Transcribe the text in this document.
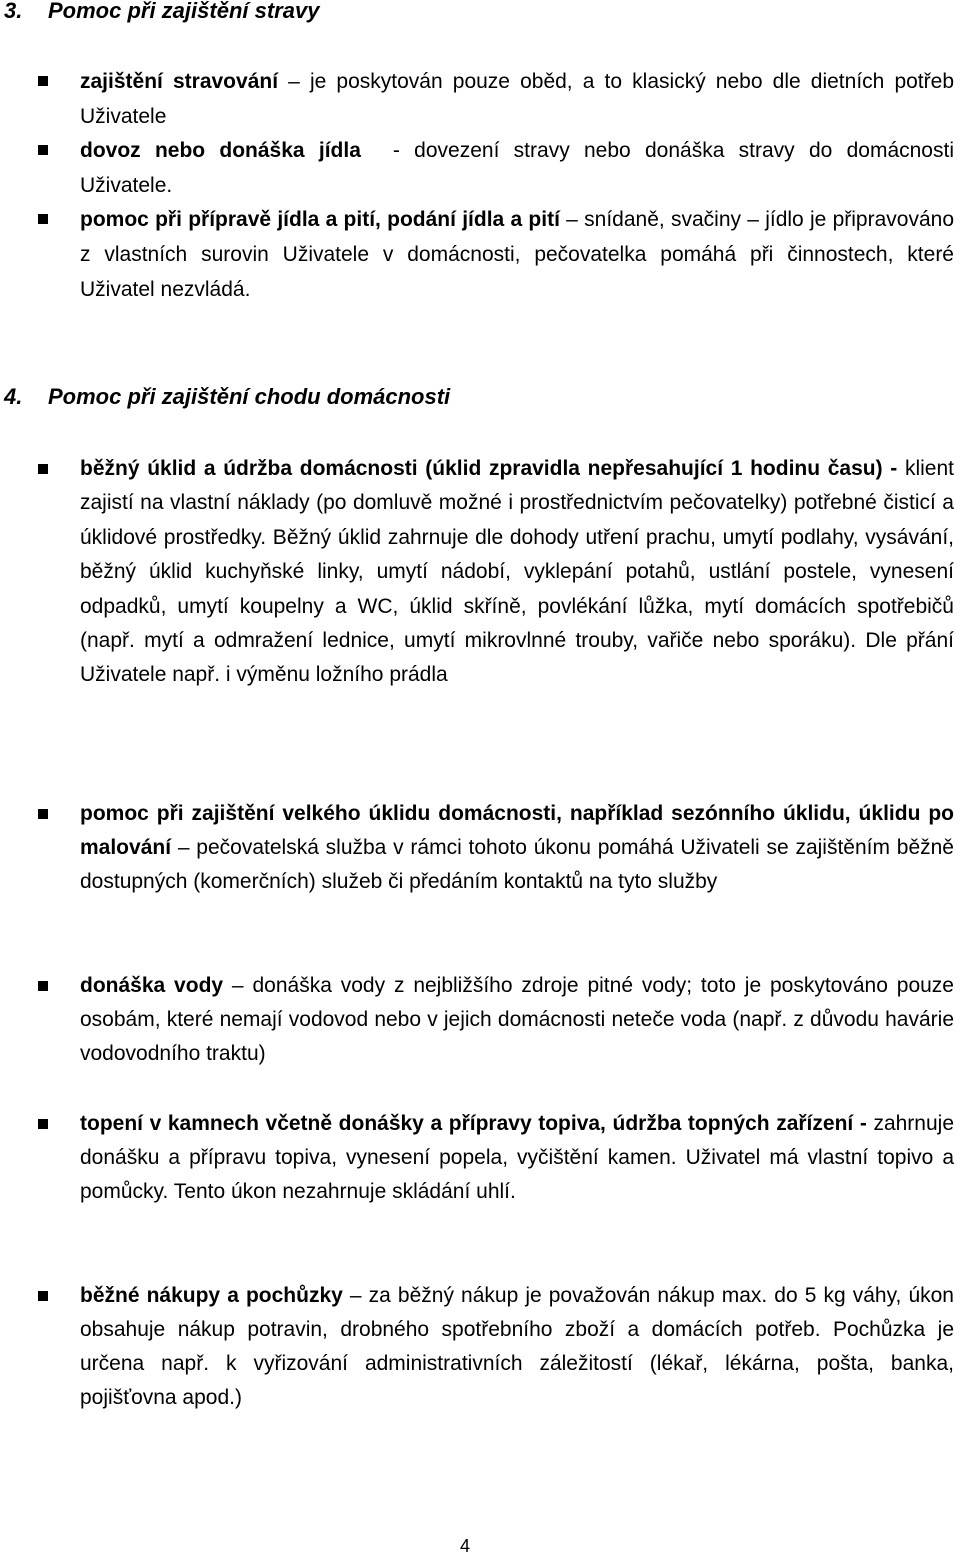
3. Pomoc při zajištění stravy
zajištění stravování – je poskytován pouze oběd, a to klasický nebo dle dietních potřeb Uživatele
dovoz nebo donáška jídla - dovezení stravy nebo donáška stravy do domácnosti Uživatele.
pomoc při přípravě jídla a pití, podání jídla a pití – snídaně, svačiny – jídlo je připravováno z vlastních surovin Uživatele v domácnosti, pečovatelka pomáhá při činnostech, které Uživatel nezvládá.
4. Pomoc při zajištění chodu domácnosti
běžný úklid a údržba domácnosti (úklid zpravidla nepřesahující 1 hodinu času) - klient zajistí na vlastní náklady (po domluvě možné i prostřednictvím pečovatelky) potřebné čisticí a úklidové prostředky. Běžný úklid zahrnuje dle dohody utření prachu, umytí podlahy, vysávání, běžný úklid kuchyňské linky, umytí nádobí, vyklepání potahů, ustlání postele, vynesení odpadků, umytí koupelny a WC, úklid skříně, povlékání lůžka, mytí domácích spotřebičů (např. mytí a odmražení lednice, umytí mikrovlnné trouby, vařiče nebo sporáku). Dle přání Uživatele např. i výměnu ložního prádla
pomoc při zajištění velkého úklidu domácnosti, například sezónního úklidu, úklidu po malování – pečovatelská služba v rámci tohoto úkonu pomáhá Uživateli se zajištěním běžně dostupných (komerčních) služeb či předáním kontaktů na tyto služby
donáška vody – donáška vody z nejbližšího zdroje pitné vody; toto je poskytováno pouze osobám, které nemají vodovod nebo v jejich domácnosti neteče voda (např. z důvodu havárie vodovodního traktu)
topení v kamnech včetně donášky a přípravy topiva, údržba topných zařízení - zahrnuje donášku a přípravu topiva, vynesení popela, vyčištění kamen. Uživatel má vlastní topivo a pomůcky. Tento úkon nezahrnuje skládání uhlí.
běžné nákupy a pochůzky – za běžný nákup je považován nákup max. do 5 kg váhy, úkon obsahuje nákup potravin, drobného spotřebního zboží a domácích potřeb. Pochůzka je určena např. k vyřizování administrativních záležitostí (lékař, lékárna, pošta, banka, pojišťovna apod.)
4
